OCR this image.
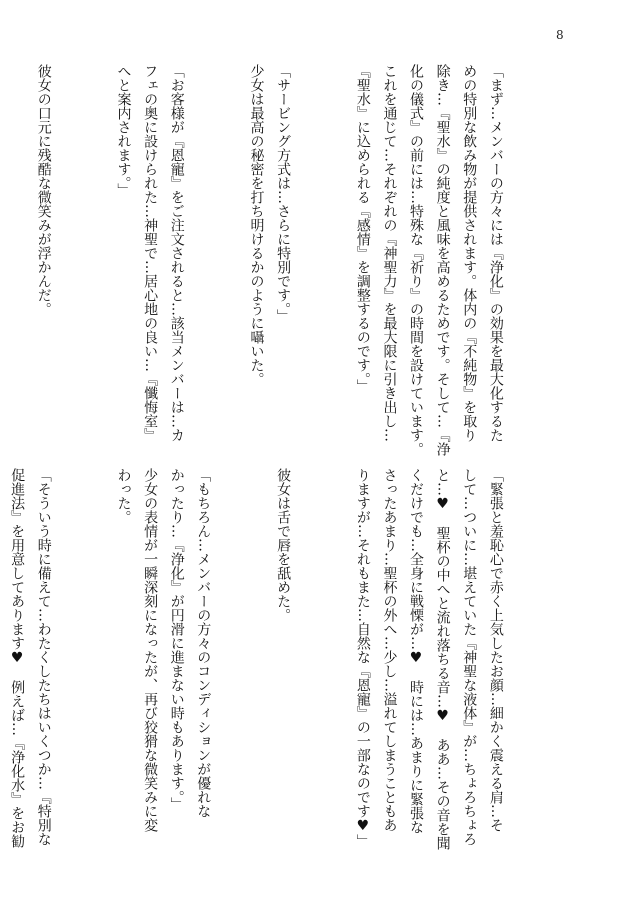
8

「まず…メンバーの方々には『浄化』の効果を最大化するた
めの特別な飲み物が提供されます。体内の『不純物』を取り
除き…『聖水』の純度と風味を高めるためです。そして…『浄
化の儀式』の前には…特殊な『祈り』の時間を設けています。
これを通じて…それぞれの『神聖力』を最大限に引き出し…
『聖水』に込められる『感情』を調整するのです。」

「サービング方式は…さらに特別です。」
少女は最高の秘密を打ち明けるかのように囁いた。

「お客様が『恩寵』をご注文されると…該当メンバーは…カ
フェの奥に設けられた…神聖で…居心地の良い…『懺悔室』
へと案内されます。」

彼女の口元に残酷な微笑みが浮かんだ。

「緊張と羞恥心で赤く上気したお顔…細かく震える肩…そ
して…ついに…堪えていた『神聖な液体』が…ちょろちょろ
と…♥　聖杯の中へと流れ落ちる音…♥　ああ…その音を聞
くだけでも…全身に戦慄が…♥　時には…あまりに緊張な
さったあまり…聖杯の外へ…少し…溢れてしまうこともあ
りますが…それもまた…自然な『恩寵』の一部なのです♥」

彼女は舌で唇を舐めた。

「もちろん…メンバーの方々のコンディションが優れな
かったり…『浄化』が円滑に進まない時もあります。」
少女の表情が一瞬深刻になったが、再び狡猾な微笑みに変
わった。

「そういう時に備えて…わたくしたちはいくつか…『特別な
促進法』を用意してあります♥　例えば…『浄化水』をお勧
